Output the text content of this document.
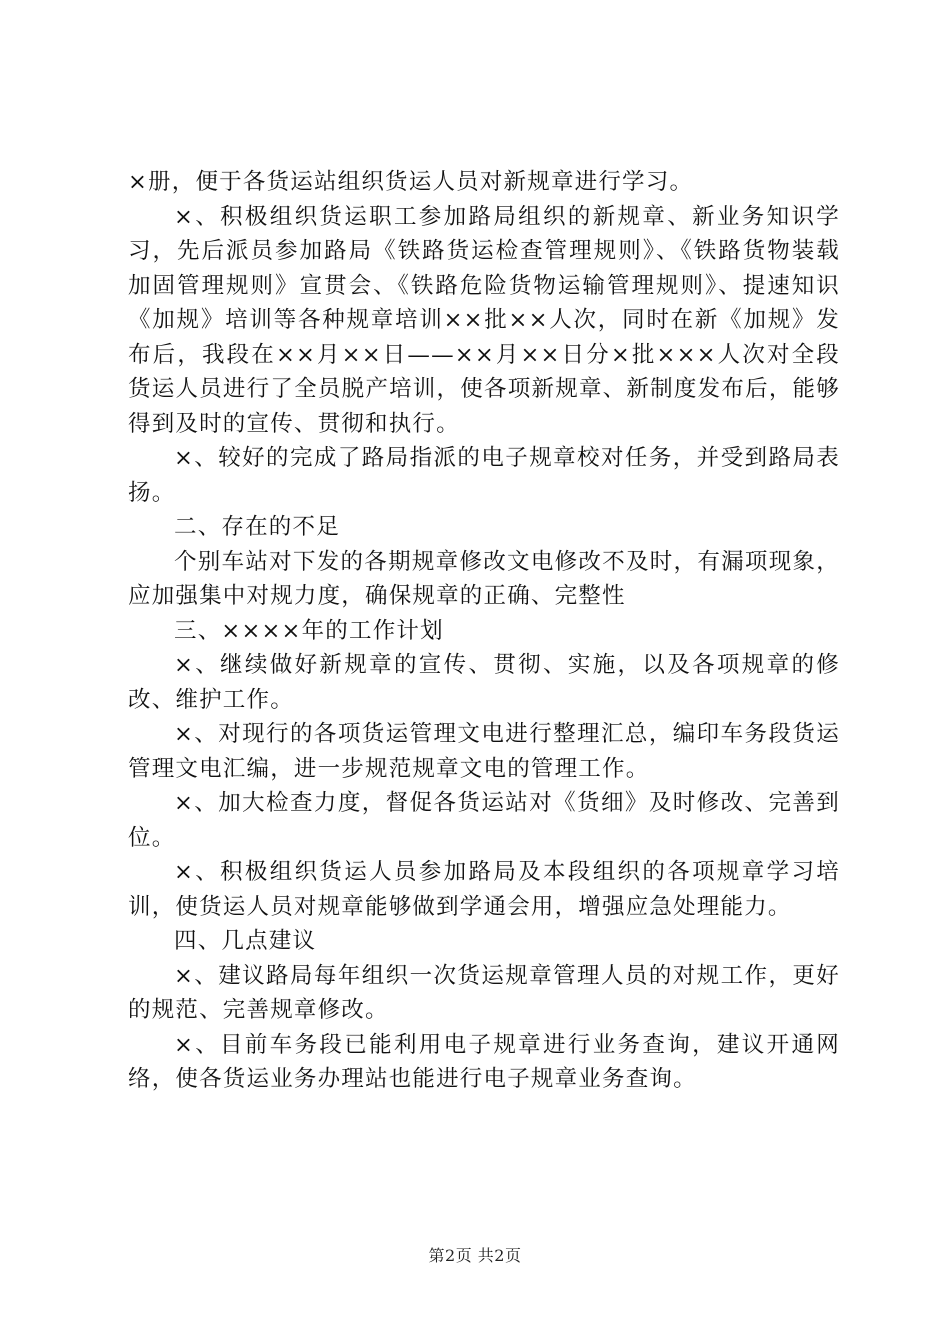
×册，便于各货运站组织货运人员对新规章进行学习。

×、积极组织货运职工参加路局组织的新规章、新业务知识学习，先后派员参加路局《铁路货运检查管理规则》、《铁路货物装载加固管理规则》宣贯会、《铁路危险货物运输管理规则》、提速知识《加规》培训等各种规章培训××批××人次，同时在新《加规》发布后，我段在××月××日——××月××日分×批×××人次对全段货运人员进行了全员脱产培训，使各项新规章、新制度发布后，能够得到及时的宣传、贯彻和执行。

×、较好的完成了路局指派的电子规章校对任务，并受到路局表扬。

二、存在的不足

个别车站对下发的各期规章修改文电修改不及时，有漏项现象，应加强集中对规力度，确保规章的正确、完整性

三、××××年的工作计划

×、继续做好新规章的宣传、贯彻、实施，以及各项规章的修改、维护工作。

×、对现行的各项货运管理文电进行整理汇总，编印车务段货运管理文电汇编，进一步规范规章文电的管理工作。

×、加大检查力度，督促各货运站对《货细》及时修改、完善到位。

×、积极组织货运人员参加路局及本段组织的各项规章学习培训，使货运人员对规章能够做到学通会用，增强应急处理能力。

四、几点建议

×、建议路局每年组织一次货运规章管理人员的对规工作，更好的规范、完善规章修改。

×、目前车务段已能利用电子规章进行业务查询，建议开通网络，使各货运业务办理站也能进行电子规章业务查询。

第2页 共2页
